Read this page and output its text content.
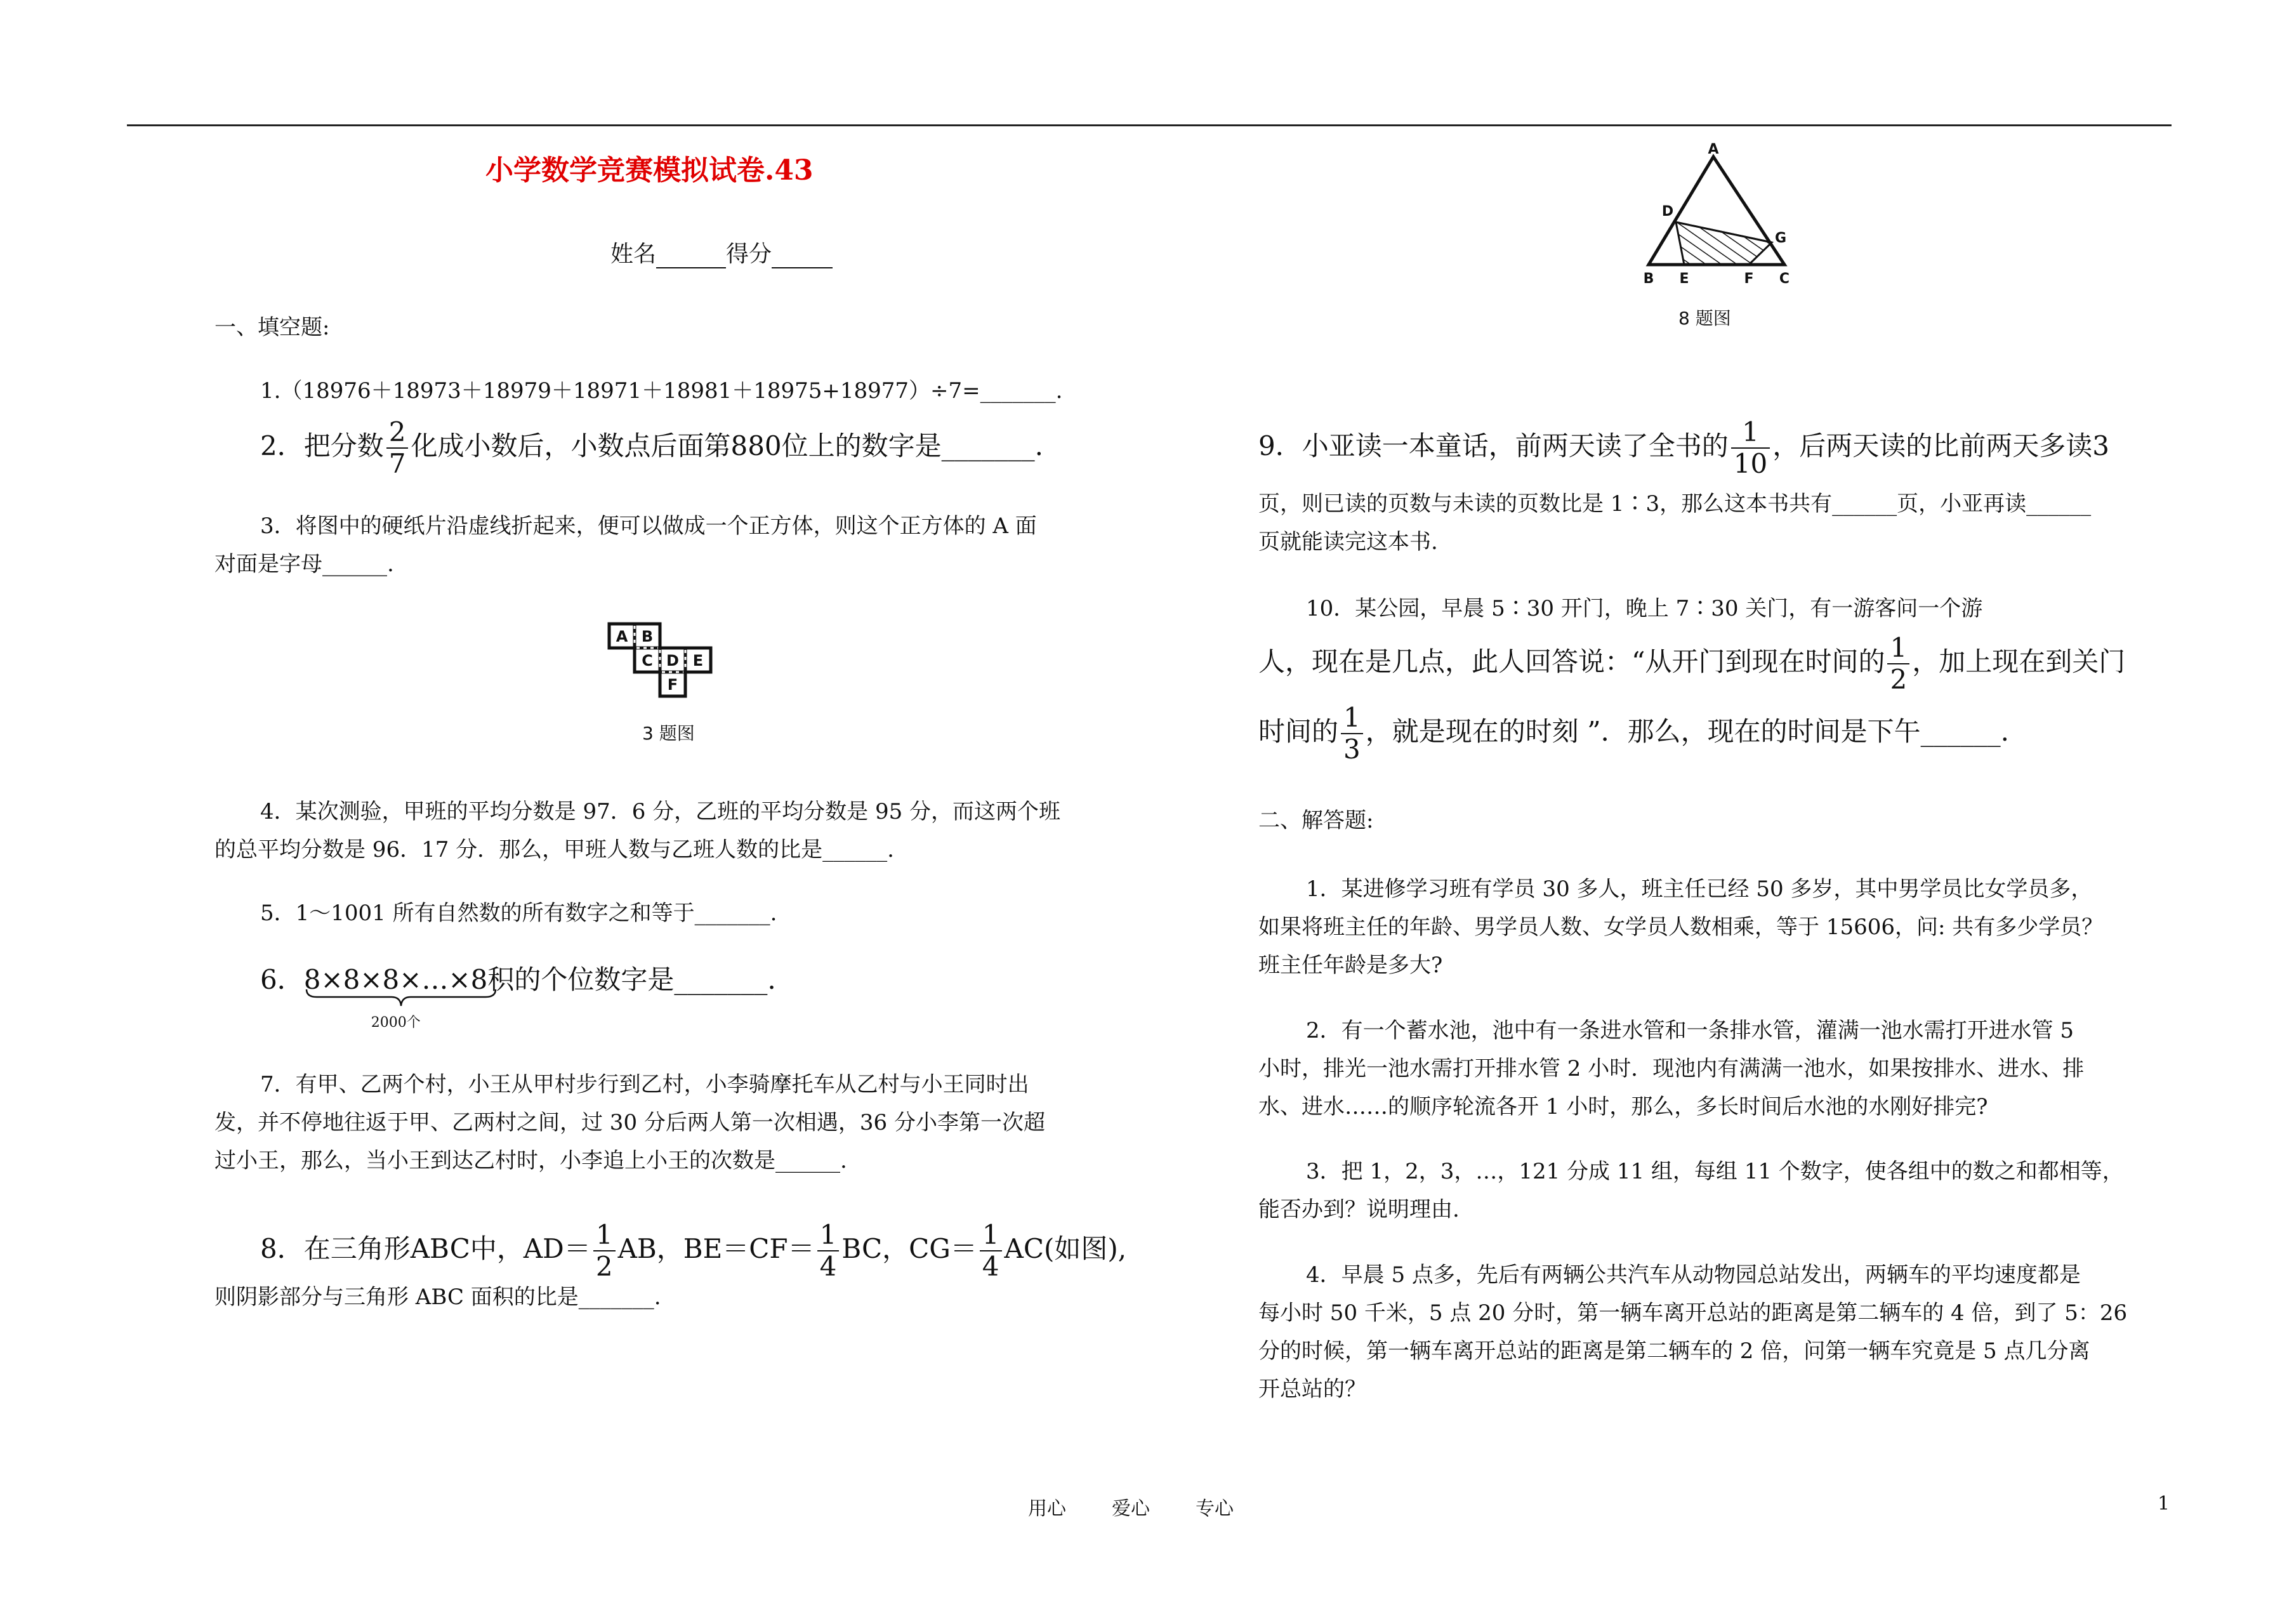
小学数学竞赛模拟试卷.43
姓名	得分
一、填空题:
1.（18976＋18973＋18979＋18971＋18981＋18975+18977）÷7=_______.
2．把分数 $\frac{2}{7}$ 化成小数后，小数点后面第880位上的数字是_______.
3．将图中的硬纸片沿虚线折起来，便可以做成一个正方体，则这个正方体的 A 面
对面是字母______.
A B
C D E
F
3 题图
4．某次测验，甲班的平均分数是 97．6 分，乙班的平均分数是 95 分，而这两个班
的总平均分数是 96．17 分．那么，甲班人数与乙班人数的比是______.
5．1～1001 所有自然数的所有数字之和等于_______.
6．8×8×8×…×8
2000个
积的个位数字是_______.
7．有甲、乙两个村，小王从甲村步行到乙村，小李骑摩托车从乙村与小王同时出
发，并不停地往返于甲、乙两村之间，过 30 分后两人第一次相遇，36 分小李第一次超
过小王，那么，当小王到达乙村时，小李追上小王的次数是______.
8．在三角形ABC中，$AD= \frac{1}{2}$ AB，$BE=CF= \frac{1}{4}$ BC，$CG= \frac{1}{4} AC$(如图),
则阴影部分与三角形 ABC 面积的比是_______.
A
D
G
B E	F C
8 题图
9．小亚读一本童话，前两天读了全书的 $\frac{1}{10}$ ，后两天读的比前两天多读3
页，则已读的页数与未读的页数比是 1∶3，那么这本书共有______页，小亚再读______
页就能读完这本书.
10．某公园，早晨 5∶30 开门，晚上 7∶30 关门，有一游客问一个游
人，现在是几点，此人回答说：“从开门到现在时间的 $\frac{1}{2}$ ，加上现在到关门
时间的 $\frac{1}{3}$ ，就是现在的时刻 ”．那么，现在的时间是下午______.
二、解答题:
1．某进修学习班有学员 30 多人，班主任已经 50 多岁，其中男学员比女学员多，
如果将班主任的年龄、男学员人数、女学员人数相乘，等于 15606，问: 共有多少学员？
班主任年龄是多大?
2．有一个蓄水池，池中有一条进水管和一条排水管，灌满一池水需打开进水管 5
小时，排光一池水需打开排水管 2 小时．现池内有满满一池水，如果按排水、进水、排
水、进水……的顺序轮流各开 1 小时，那么，多长时间后水池的水刚好排完?
3．把 1，2，3，…，121 分成 11 组，每组 11 个数字，使各组中的数之和都相等，
能否办到？说明理由.
4．早晨 5 点多，先后有两辆公共汽车从动物园总站发出，两辆车的平均速度都是
每小时 50 千米，5 点 20 分时，第一辆车离开总站的距离是第二辆车的 4 倍，到了 5：26
分的时候，第一辆车离开总站的距离是第二辆车的 2 倍，问第一辆车究竟是 5 点几分离
开总站的？
用心 爱心 专心	1
